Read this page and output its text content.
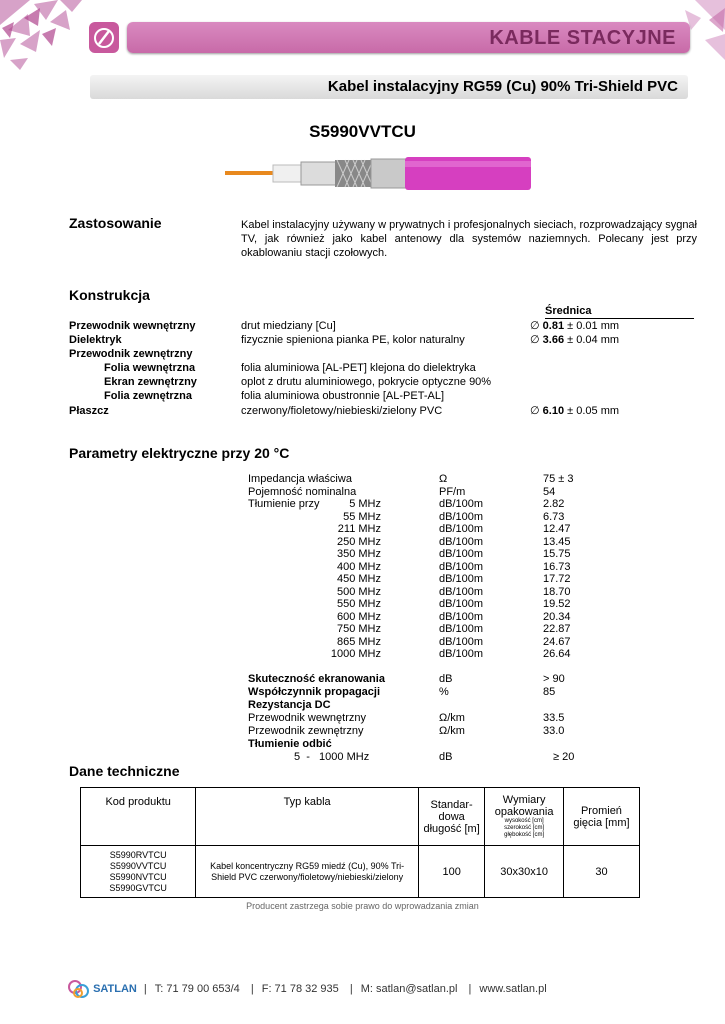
KABLE STACYJNE
Kabel instalacyjny RG59 (Cu) 90% Tri-Shield PVC
S5990VVTCU
Zastosowanie	Kabel instalacyjny używany w prywatnych i profesjonalnych sieciach, rozprowadzający sygnał TV, jak również jako kabel antenowy dla systemów naziemnych. Polecany jest przy okablowaniu stacji czołowych.
Konstrukcja
Średnica
Przewodnik wewnętrzny	drut miedziany [Cu]	∅ 0.81 ± 0.01 mm
Dielektryk	fizycznie spieniona pianka PE, kolor naturalny	∅ 3.66 ± 0.04 mm
Przewodnik zewnętrzny
Folia wewnętrzna	folia aluminiowa [AL-PET] klejona do dielektryka
Ekran zewnętrzny	oplot z drutu aluminiowego, pokrycie optyczne 90%
Folia zewnętrzna	folia aluminiowa obustronnie [AL-PET-AL]
Płaszcz	czerwony/fioletowy/niebieski/zielony PVC	∅ 6.10 ± 0.05 mm
Parametry elektryczne przy 20 °C
Impedancja właściwa	Ω	75 ± 3
Pojemność nominalna	PF/m	54
Tłumienie przy	5 MHz	dB/100m	2.82
55 MHz	dB/100m	6.73
211 MHz	dB/100m	12.47
250 MHz	dB/100m	13.45
350 MHz	dB/100m	15.75
400 MHz	dB/100m	16.73
450 MHz	dB/100m	17.72
500 MHz	dB/100m	18.70
550 MHz	dB/100m	19.52
600 MHz	dB/100m	20.34
750 MHz	dB/100m	22.87
865 MHz	dB/100m	24.67
1000 MHz	dB/100m	26.64
Skuteczność ekranowania	dB	> 90
Współczynnik propagacji	%	85
Rezystancja DC
Przewodnik wewnętrzny	Ω/km	33.5
Przewodnik zewnętrzny	Ω/km	33.0
Tłumienie odbić
5  -   1000 MHz	dB	≥ 20
Dane techniczne
Kod produktu	Typ kabla	Standar-dowa długość [m]	Wymiary opakowania
wysokość [cm]
szerokość [cm]
głębokość [cm]	Promień gięcia [mm]

S5990RVTCU
S5990VVTCU
S5990NVTCU
S5990GVTCU	Kabel koncentryczny RG59 miedź (Cu), 90% Tri-Shield PVC czerwony/fioletowy/niebieski/zielony	100	30x30x10	30
Producent zastrzega sobie prawo do wprowadzania zmian
SATLAN | T: 71 79 00 653/4 | F: 71 78 32 935 | M: satlan@satlan.pl | www.satlan.pl
